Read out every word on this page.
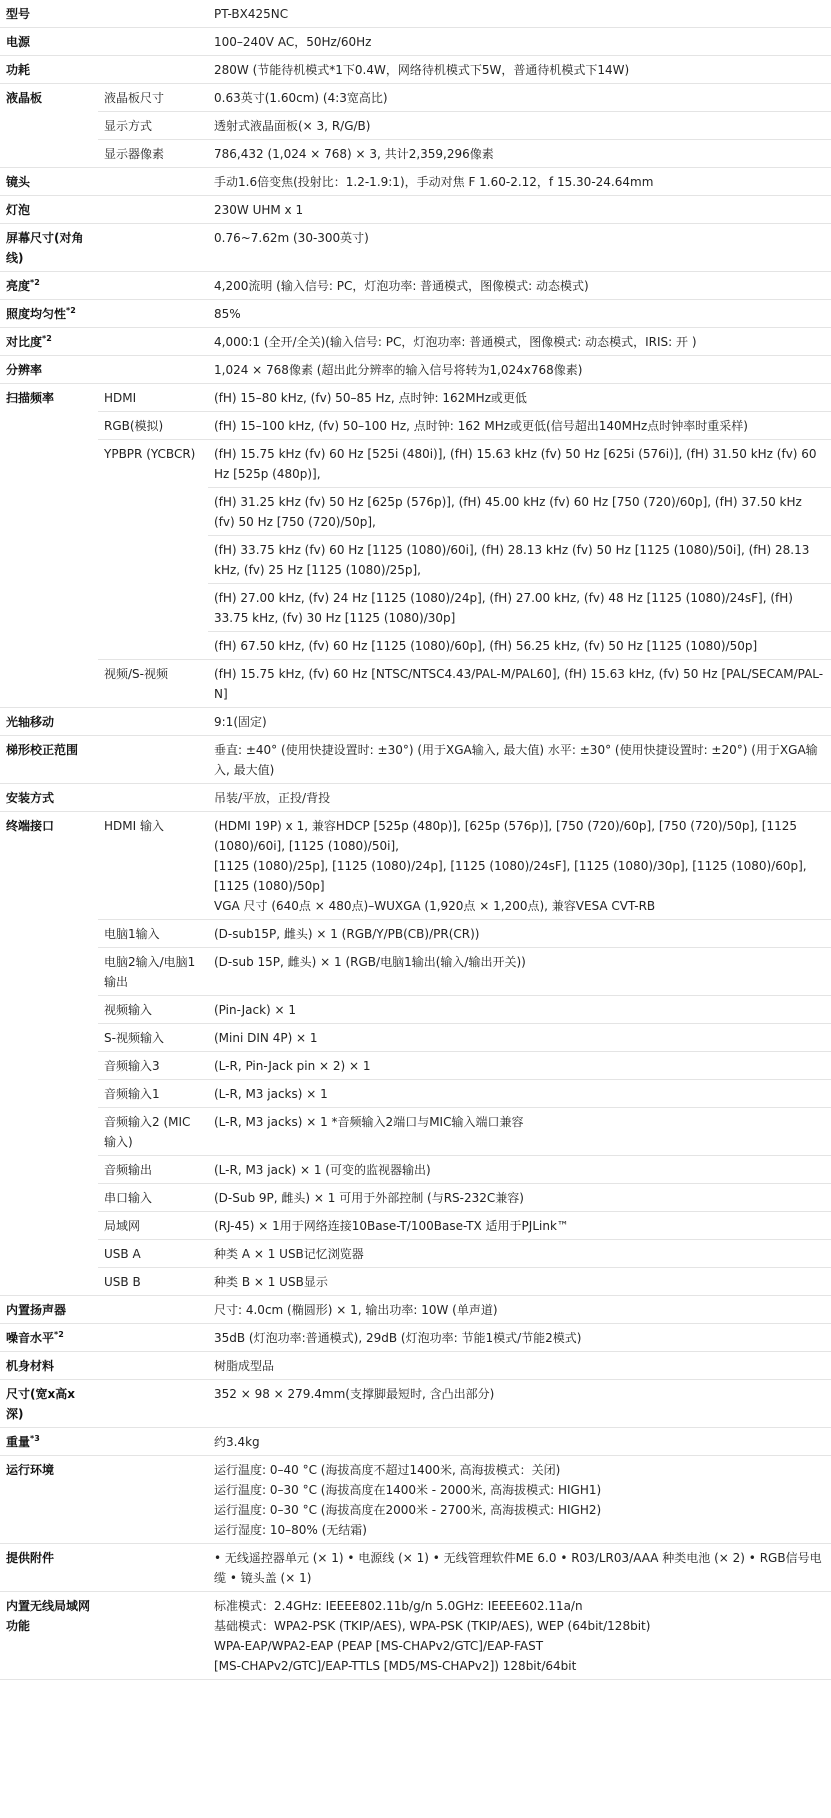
型号		PT-BX425NC

电源		100–240V AC，50Hz/60Hz

功耗		280W (节能待机模式*1下0.4W，网络待机模式下5W，普通待机模式下14W)

液晶板	液晶板尺寸	0.63英寸(1.60cm) (4:3宽高比)

	显示方式	透射式液晶面板(× 3, R/G/B)

	显示器像素	786,432 (1,024 × 768) × 3, 共计2,359,296像素

镜头		手动1.6倍变焦(投射比：1.2-1.9:1)，手动对焦 F 1.60-2.12，f 15.30-24.64mm

灯泡		230W UHM x 1

屏幕尺寸(对角线)		0.76~7.62m (30-300英寸)

亮度$^{*2}$		4,200流明 (输入信号: PC，灯泡功率: 普通模式，图像模式: 动态模式)

照度均匀性$^{*2}$		85%

对比度$^{*2}$		4,000:1 (全开/全关)(输入信号: PC，灯泡功率: 普通模式，图像模式: 动态模式，IRIS: 开 )

分辨率		1,024 × 768像素 (超出此分辨率的输入信号将转为1,024x768像素)

扫描频率	HDMI	(fH) 15–80 kHz, (fv) 50–85 Hz, 点时钟: 162MHz或更低

	RGB(模拟)	(fH) 15–100 kHz, (fv) 50–100 Hz, 点时钟: 162 MHz或更低(信号超出140MHz点时钟率时重采样)

	YPBPR (YCBCR)	(fH) 15.75 kHz (fv) 60 Hz [525i (480i)], (fH) 15.63 kHz (fv) 50 Hz [625i (576i)], (fH) 31.50 kHz (fv) 60 Hz [525p (480p)],

		(fH) 31.25 kHz (fv) 50 Hz [625p (576p)], (fH) 45.00 kHz (fv) 60 Hz [750 (720)/60p], (fH) 37.50 kHz (fv) 50 Hz [750 (720)/50p],

		(fH) 33.75 kHz (fv) 60 Hz [1125 (1080)/60i], (fH) 28.13 kHz (fv) 50 Hz [1125 (1080)/50i], (fH) 28.13 kHz, (fv) 25 Hz [1125 (1080)/25p],

		(fH) 27.00 kHz, (fv) 24 Hz [1125 (1080)/24p], (fH) 27.00 kHz, (fv) 48 Hz [1125 (1080)/24sF], (fH) 33.75 kHz, (fv) 30 Hz [1125 (1080)/30p]

		(fH) 67.50 kHz, (fv) 60 Hz [1125 (1080)/60p], (fH) 56.25 kHz, (fv) 50 Hz [1125 (1080)/50p]

	视频/S-视频	(fH) 15.75 kHz, (fv) 60 Hz [NTSC/NTSC4.43/PAL-M/PAL60], (fH) 15.63 kHz, (fv) 50 Hz [PAL/SECAM/PAL-N]

光轴移动		9:1(固定)

梯形校正范围		垂直: ±40° (使用快捷设置时: ±30°) (用于XGA输入, 最大值) 水平: ±30° (使用快捷设置时: ±20°) (用于XGA输入, 最大值)

安装方式		吊装/平放，正投/背投

终端接口	HDMI 输入	(HDMI 19P) x 1, 兼容HDCP [525p (480p)], [625p (576p)], [750 (720)/60p], [750 (720)/50p], [1125 (1080)/60i], [1125 (1080)/50i],
[1125 (1080)/25p], [1125 (1080)/24p], [1125 (1080)/24sF], [1125 (1080)/30p], [1125 (1080)/60p], [1125 (1080)/50p]
VGA 尺寸 (640点 × 480点)–WUXGA (1,920点 × 1,200点), 兼容VESA CVT-RB

	电脑1输入	(D-sub15P, 雌头) × 1 (RGB/Y/PB(CB)/PR(CR))

	电脑2输入/电脑1输出	(D-sub 15P, 雌头) × 1 (RGB/电脑1输出(输入/输出开关))

	视频输入	(Pin-Jack) × 1

	S-视频输入	(Mini DIN 4P) × 1

	音频输入3	(L-R, Pin-Jack pin × 2) × 1

	音频输入1	(L-R, M3 jacks) × 1

	音频输入2 (MIC输入)	(L-R, M3 jacks) × 1 *音频输入2端口与MIC输入端口兼容

	音频输出	(L-R, M3 jack) × 1 (可变的监视器输出)

	串口输入	(D-Sub 9P, 雌头) × 1 可用于外部控制 (与RS-232C兼容)

	局域网	(RJ-45) × 1用于网络连接10Base-T/100Base-TX 适用于PJLink™

	USB A	种类 A × 1 USB记忆浏览器

	USB B	种类 B × 1 USB显示

内置扬声器		尺寸: 4.0cm (椭圆形) × 1, 输出功率: 10W (单声道)

噪音水平$^{*2}$		35dB (灯泡功率:普通模式), 29dB (灯泡功率: 节能1模式/节能2模式)

机身材料		树脂成型品

尺寸(宽x高x深)		352 × 98 × 279.4mm(支撑脚最短时, 含凸出部分)

重量$^{*3}$		约3.4kg

运行环境		运行温度: 0–40 °C (海拔高度不超过1400米, 高海拔模式：关闭)
运行温度: 0–30 °C (海拔高度在1400米 - 2000米, 高海拔模式: HIGH1)
运行温度: 0–30 °C (海拔高度在2000米 - 2700米, 高海拔模式: HIGH2)
运行湿度: 10–80% (无结霜)

提供附件		• 无线遥控器单元 (× 1) • 电源线 (× 1) • 无线管理软件ME 6.0 • R03/LR03/AAA 种类电池 (× 2) • RGB信号电缆 • 镜头盖 (× 1)

内置无线局域网功能		标准模式：2.4GHz: IEEEE802.11b/g/n 5.0GHz: IEEEE602.11a/n
基础模式：WPA2-PSK (TKIP/AES), WPA-PSK (TKIP/AES), WEP (64bit/128bit)
WPA-EAP/WPA2-EAP (PEAP [MS-CHAPv2/GTC]/EAP-FAST
[MS-CHAPv2/GTC]/EAP-TTLS [MD5/MS-CHAPv2]) 128bit/64bit
